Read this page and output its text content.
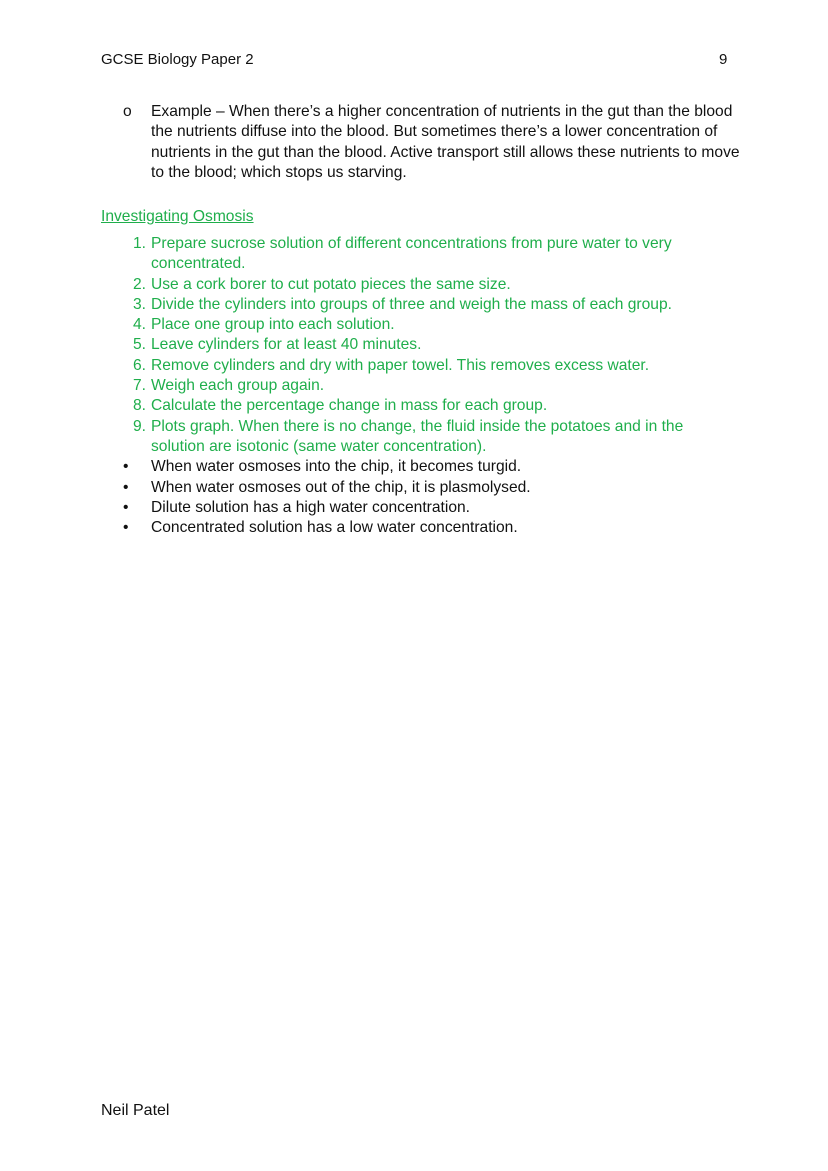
GCSE Biology Paper 2	9
o	Example – When there’s a higher concentration of nutrients in the gut than the blood the nutrients diffuse into the blood. But sometimes there’s a lower concentration of nutrients in the gut than the blood. Active transport still allows these nutrients to move to the blood; which stops us starving.
Investigating Osmosis
1. Prepare sucrose solution of different concentrations from pure water to very concentrated.
2. Use a cork borer to cut potato pieces the same size.
3. Divide the cylinders into groups of three and weigh the mass of each group.
4. Place one group into each solution.
5. Leave cylinders for at least 40 minutes.
6. Remove cylinders and dry with paper towel. This removes excess water.
7. Weigh each group again.
8. Calculate the percentage change in mass for each group.
9. Plots graph. When there is no change, the fluid inside the potatoes and in the solution are isotonic (same water concentration).
•	When water osmoses into the chip, it becomes turgid.
•	When water osmoses out of the chip, it is plasmolysed.
•	Dilute solution has a high water concentration.
•	Concentrated solution has a low water concentration.
Neil Patel
